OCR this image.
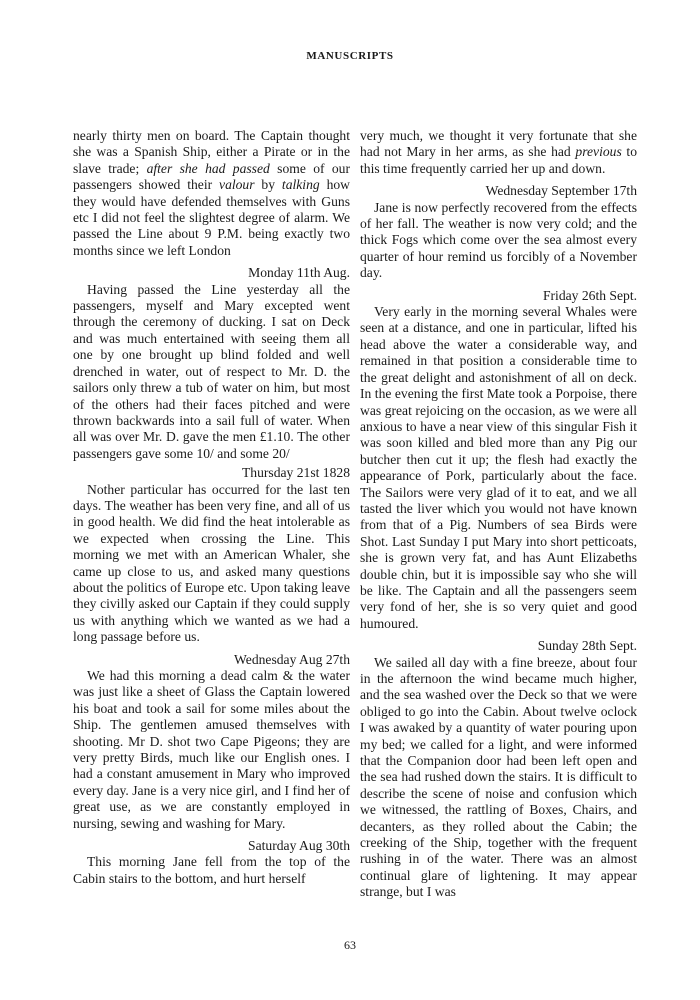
MANUSCRIPTS

nearly thirty men on board. The Captain thought she was a Spanish Ship, either a Pirate or in the slave trade; after she had passed some of our passengers showed their valour by talking how they would have defended themselves with Guns etc I did not feel the slightest degree of alarm. We passed the Line about 9 P.M. being exactly two months since we left London

Monday 11th Aug.

Having passed the Line yesterday all the passengers, myself and Mary excepted went through the ceremony of ducking. I sat on Deck and was much entertained with seeing them all one by one brought up blind folded and well drenched in water, out of respect to Mr. D. the sailors only threw a tub of water on him, but most of the others had their faces pitched and were thrown backwards into a sail full of water. When all was over Mr. D. gave the men £1.10. The other passengers gave some 10/ and some 20/

Thursday 21st 1828

Nother particular has occurred for the last ten days. The weather has been very fine, and all of us in good health. We did find the heat intolerable as we expected when crossing the Line. This morning we met with an American Whaler, she came up close to us, and asked many questions about the politics of Europe etc. Upon taking leave they civilly asked our Captain if they could supply us with anything which we wanted as we had a long passage before us.

Wednesday Aug 27th

We had this morning a dead calm & the water was just like a sheet of Glass the Captain lowered his boat and took a sail for some miles about the Ship. The gentlemen amused themselves with shooting. Mr D. shot two Cape Pigeons; they are very pretty Birds, much like our English ones. I had a constant amusement in Mary who improved every day. Jane is a very nice girl, and I find her of great use, as we are constantly employed in nursing, sewing and washing for Mary.

Saturday Aug 30th

This morning Jane fell from the top of the Cabin stairs to the bottom, and hurt herself

very much, we thought it very fortunate that she had not Mary in her arms, as she had previous to this time frequently carried her up and down.

Wednesday September 17th

Jane is now perfectly recovered from the effects of her fall. The weather is now very cold; and the thick Fogs which come over the sea almost every quarter of hour remind us forcibly of a November day.

Friday 26th Sept.

Very early in the morning several Whales were seen at a distance, and one in particular, lifted his head above the water a considerable way, and remained in that position a considerable time to the great delight and astonishment of all on deck. In the evening the first Mate took a Porpoise, there was great rejoicing on the occasion, as we were all anxious to have a near view of this singular Fish it was soon killed and bled more than any Pig our butcher then cut it up; the flesh had exactly the appearance of Pork, particularly about the face. The Sailors were very glad of it to eat, and we all tasted the liver which you would not have known from that of a Pig. Numbers of sea Birds were Shot. Last Sunday I put Mary into short petticoats, she is grown very fat, and has Aunt Elizabeths double chin, but it is impossible say who she will be like. The Captain and all the passengers seem very fond of her, she is so very quiet and good humoured.

Sunday 28th Sept.

We sailed all day with a fine breeze, about four in the afternoon the wind became much higher, and the sea washed over the Deck so that we were obliged to go into the Cabin. About twelve oclock I was awaked by a quantity of water pouring upon my bed; we called for a light, and were informed that the Companion door had been left open and the sea had rushed down the stairs. It is difficult to describe the scene of noise and confusion which we witnessed, the rattling of Boxes, Chairs, and decanters, as they rolled about the Cabin; the creeking of the Ship, together with the frequent rushing in of the water. There was an almost continual glare of lightening. It may appear strange, but I was

63
